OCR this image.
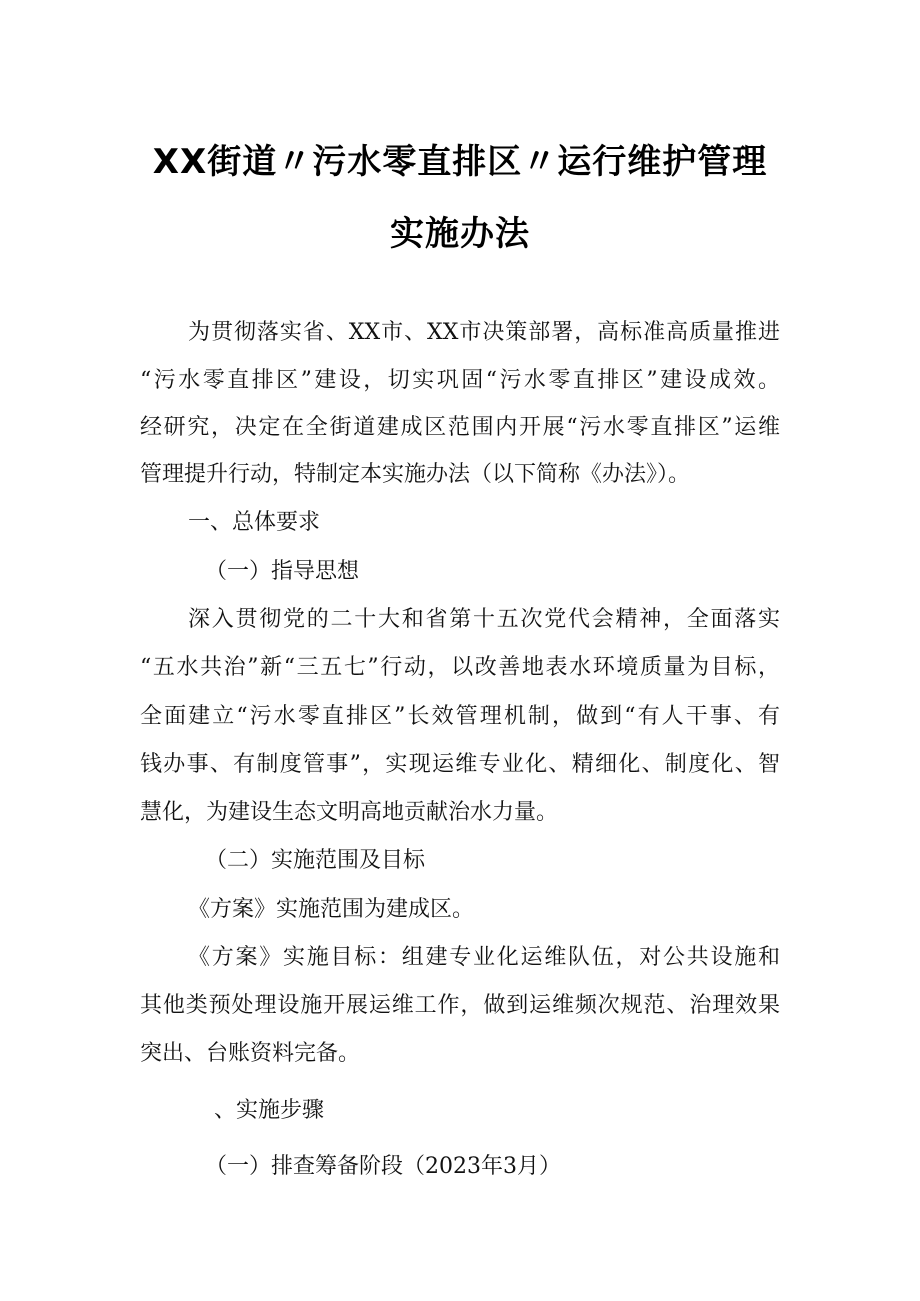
XX街道〃污水零直排区〃运行维护管理
实施办法
为贯彻落实省、XX市、XX市决策部署，高标准高质量推进
“污水零直排区”建设，切实巩固“污水零直排区”建设成效。
经研究，决定在全街道建成区范围内开展“污水零直排区”运维
管理提升行动，特制定本实施办法（以下简称《办法》）。
一、总体要求
（一）指导思想
深入贯彻党的二十大和省第十五次党代会精神，全面落实
“五水共治”新“三五七”行动，以改善地表水环境质量为目标，
全面建立“污水零直排区”长效管理机制，做到“有人干事、有
钱办事、有制度管事”，实现运维专业化、精细化、制度化、智
慧化，为建设生态文明高地贡献治水力量。
（二）实施范围及目标
《方案》实施范围为建成区。
《方案》实施目标：组建专业化运维队伍，对公共设施和
其他类预处理设施开展运维工作，做到运维频次规范、治理效果
突出、台账资料完备。
、实施步骤
（一）排查筹备阶段（2023年3月）
